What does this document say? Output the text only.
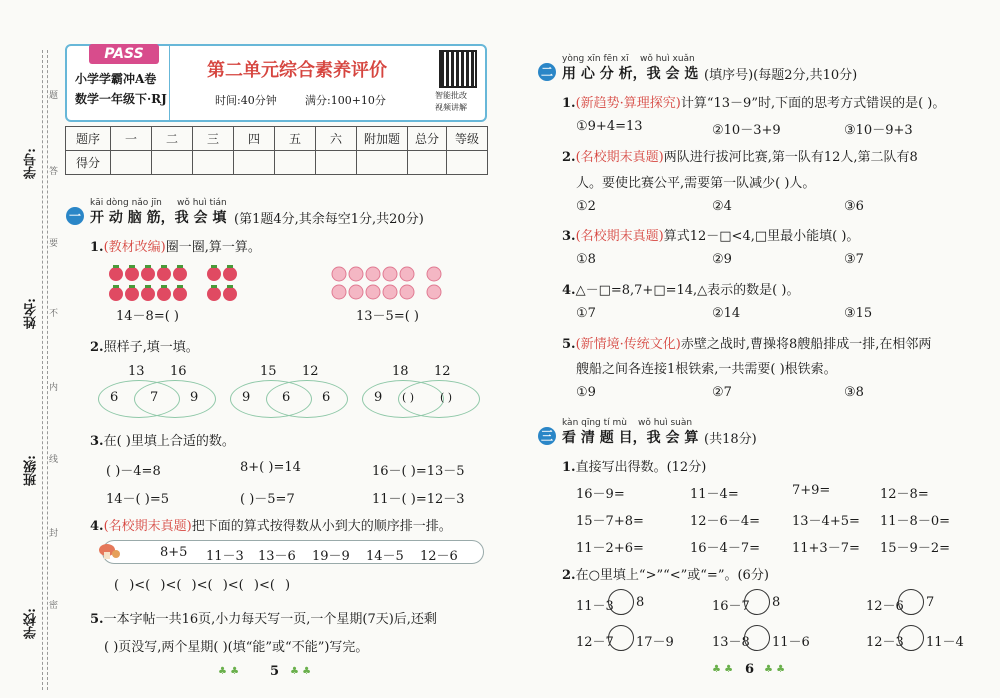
学号:
姓名:
班级:
学校:
题
答
要
不
内
线
封
密
PASS
小学学霸冲A卷
数学一年级下·RJ
第二单元综合素养评价
时间:40分钟	满分:100+10分	智能批改
视频讲解
题序	一	二	三	四	五	六	附加题	总分	等级
得分									
kāi dòng nǎo jīn wǒ huì tián
一 开 动 脑 筋，我 会 填 (第1题4分,其余每空1分,共20分)
1.(教材改编)圈一圈,算一算。
14－8=( )	13－5=( )
2.照样子,填一填。
13 16
6 7 9
15 12
9 6 6
18 12
9 ( ) ( )
3.在( )里填上合适的数。
( )－4=8	8+( )=14	16－( )=13－5
14－( )=5	( )－5=7	11－( )=12－3
4.(名校期末真题)把下面的算式按得数从小到大的顺序排一排。
8+5 11－3 13－6 19－9 14－5 12－6
( )<( )<( )<( )<( )<( )
5.一本字帖一共16页,小力每天写一页,一个星期(7天)后,还剩
( )页没写,两个星期( )(填“能”或“不能”)写完。
♣ ♣ 5 ♣ ♣
yòng xīn fēn xī wǒ huì xuǎn
二 用 心 分 析，我 会 选 (填序号)(每题2分,共10分)
1.(新趋势·算理探究)计算“13－9”时,下面的思考方式错误的是( )。
①9+4=13	②10－3+9	③10－9+3
2.(名校期末真题)两队进行拔河比赛,第一队有12人,第二队有8
人。要使比赛公平,需要第一队减少( )人。
①2	②4	③6
3.(名校期末真题)算式12－□<4,□里最小能填( )。
①8	②9	③7
4.△－□=8,7+□=14,△表示的数是( )。
①7	②14	③15
5.(新情境·传统文化)赤壁之战时,曹操将8艘船排成一排,在相邻两
艘船之间各连接1根铁索,一共需要( )根铁索。
①9	②7	③8
kàn qīng tí mù wǒ huì suàn
三 看 清 题 目，我 会 算 (共18分)
1.直接写出得数。(12分)
16－9=	11－4=	7+9=	12－8=
15－7+8=	12－6－4= 13－4+5= 11－8－0=
11－2+6=	16－4－7= 11+3－7= 15－9－2=
2.在○里填上“>”“<”或“=”。(6分)
11－3 8	16－7 8	12－6 7
12－7 17－9	13－8 11－6	12－3 11－4
♣ ♣ 6 ♣ ♣
